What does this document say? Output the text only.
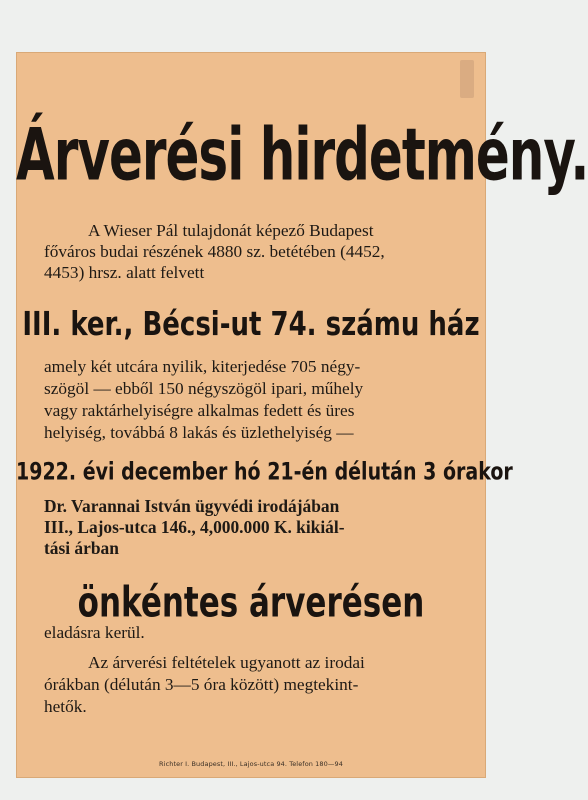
Árverési hirdetmény.
A Wieser Pál tulajdonát képező Budapest
főváros budai részének 4880 sz. betétében (4452,
4453) hrsz. alatt felvett
III. ker., Bécsi-ut 74. számu ház
amely két utcára nyilik, kiterjedése 705 négy-
szögöl — ebből 150 négyszögöl ipari, műhely
vagy raktárhelyiségre alkalmas fedett és üres
helyiség, továbbá 8 lakás és üzlethelyiség —
1922. évi december hó 21-én délután 3 órakor
Dr. Varannai István ügyvédi irodájában
III., Lajos-utca 146., 4,000.000 K. kikiál-
tási árban
önkéntes árverésen
eladásra kerül.
Az árverési feltételek ugyanott az irodai
órákban (délután 3—5 óra között) megtekint-
hetők.
Richter I. Budapest, III., Lajos-utca 94. Telefon 180—94
